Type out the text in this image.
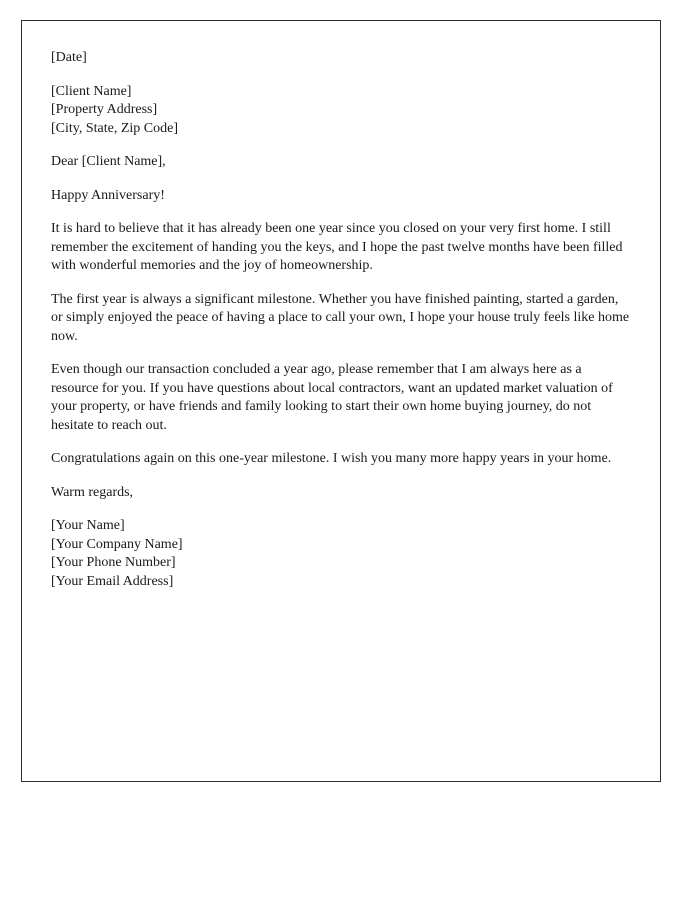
[Date]

[Client Name]
[Property Address]
[City, State, Zip Code]

Dear [Client Name],

Happy Anniversary!

It is hard to believe that it has already been one year since you closed on your very first home. I still remember the excitement of handing you the keys, and I hope the past twelve months have been filled with wonderful memories and the joy of homeownership.

The first year is always a significant milestone. Whether you have finished painting, started a garden, or simply enjoyed the peace of having a place to call your own, I hope your house truly feels like home now.

Even though our transaction concluded a year ago, please remember that I am always here as a resource for you. If you have questions about local contractors, want an updated market valuation of your property, or have friends and family looking to start their own home buying journey, do not hesitate to reach out.

Congratulations again on this one-year milestone. I wish you many more happy years in your home.

Warm regards,

[Your Name]
[Your Company Name]
[Your Phone Number]
[Your Email Address]
